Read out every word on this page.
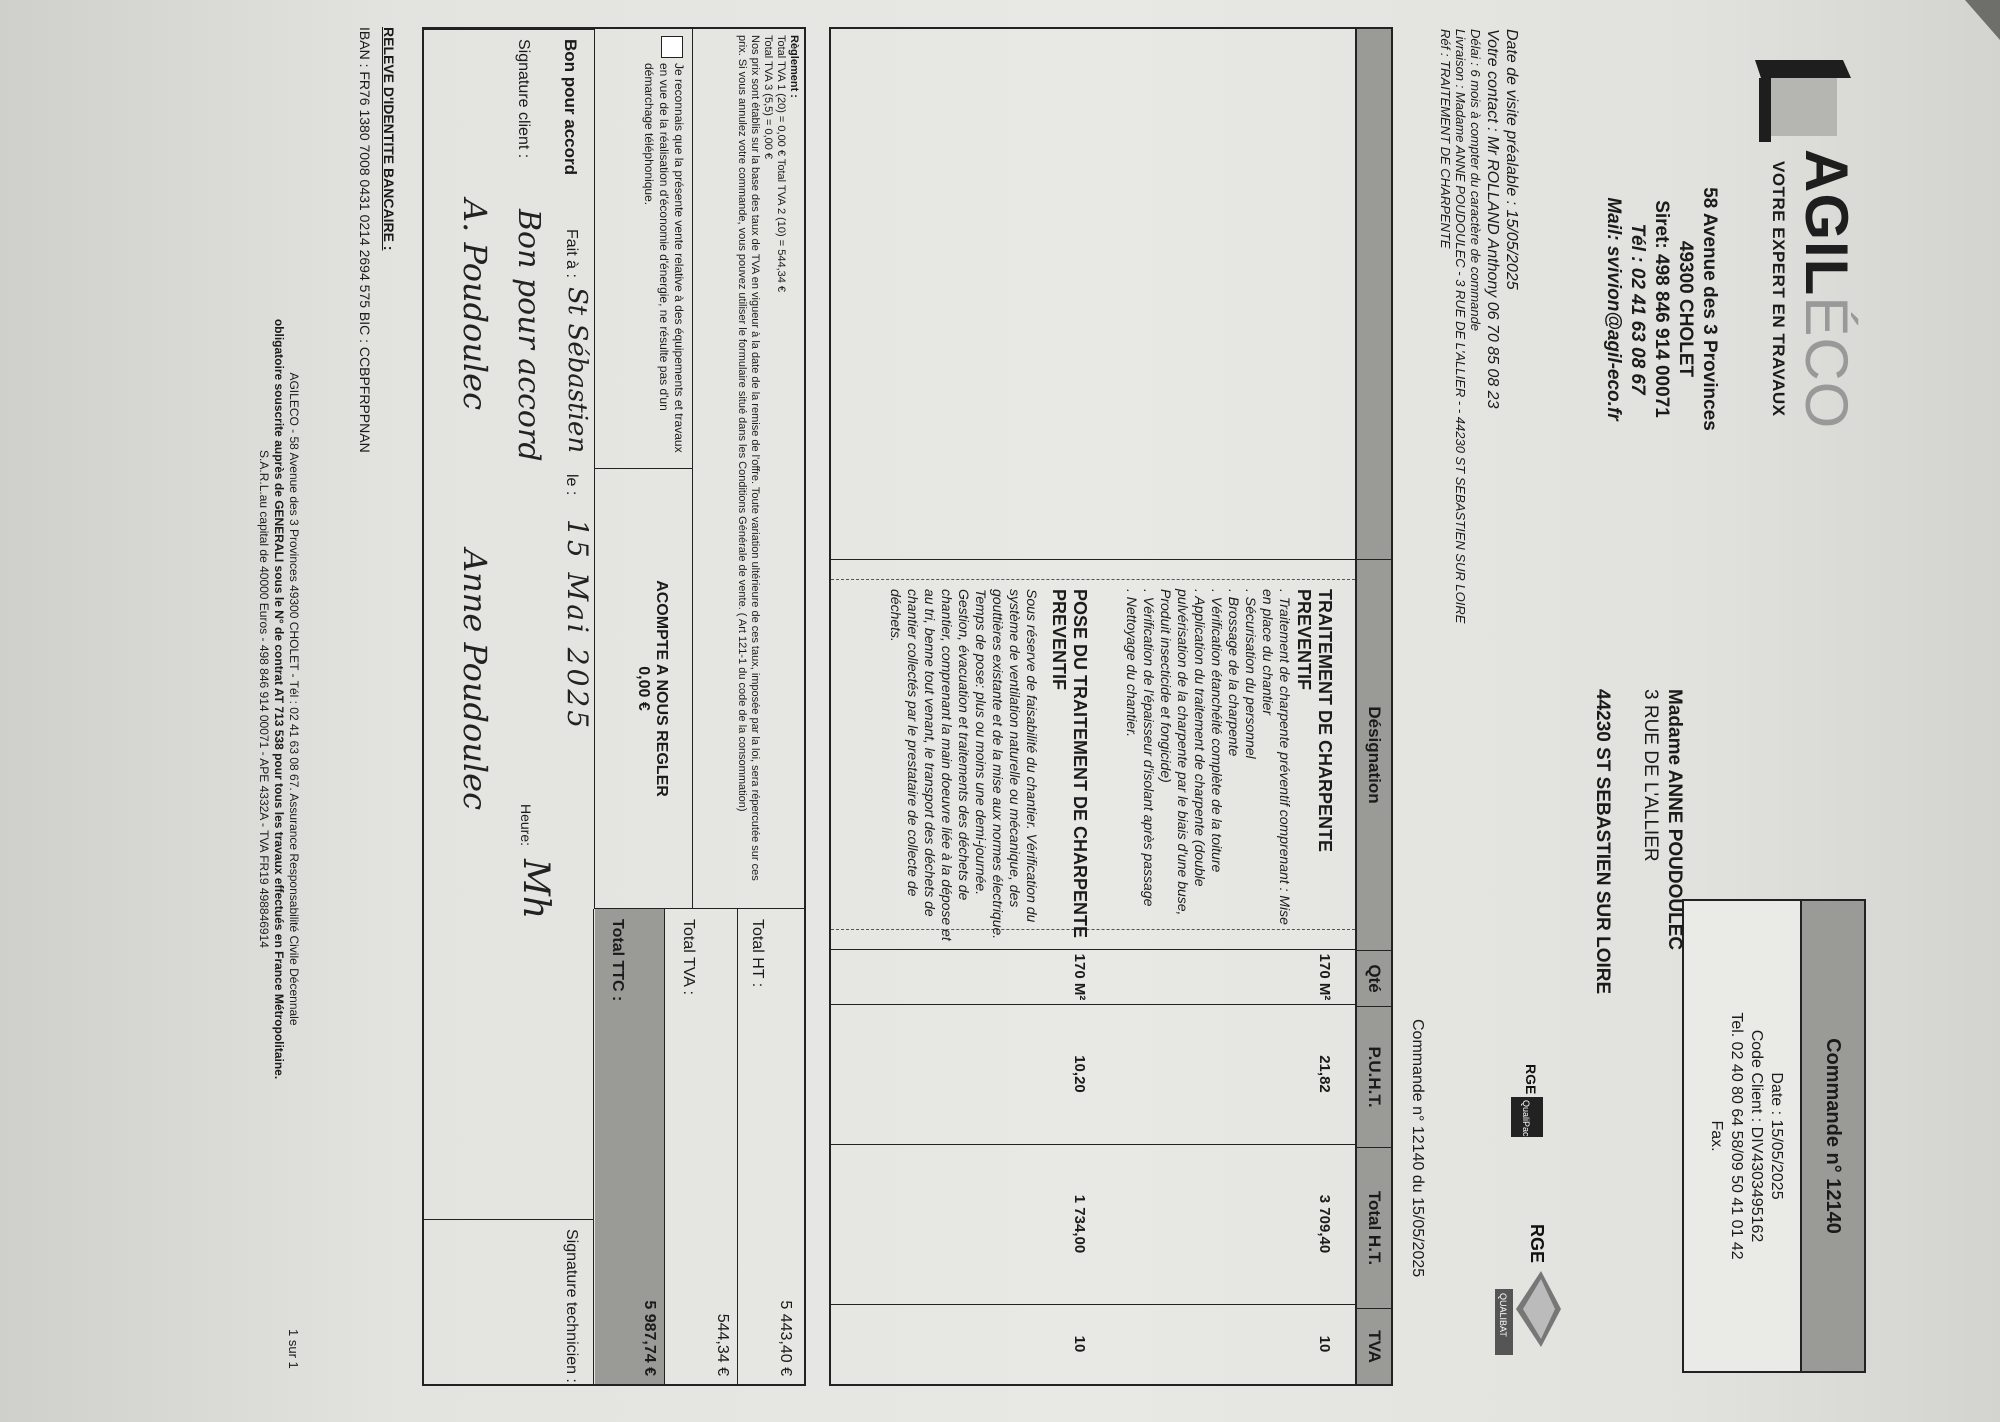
AGILÉCO
VOTRE EXPERT EN TRAVAUX
58 Avenue des 3 Provinces
49300 CHOLET
Siret: 498 846 914 00071
Tél : 02 41 63 08 67
Mail: svivion@agil-eco.fr
Commande n° 12140
Date : 15/05/2025
Code Client : DIV4303495162
Tel. 02 40 80 64 58/09 50 41 01 42
Fax.
Madame ANNE POUDOULEC
3 RUE DE L'ALLIER
44230 ST SEBASTIEN SUR LOIRE
RGE
QualiPac
RGE
QUALIBAT
Commande n° 12140 du 15/05/2025
Date de visite préalable : 15/05/2025
Votre contact : Mr ROLLAND Anthony 06 70 85 08 23
Délai : 6 mois à compter du caractère de commande
Livraison : Madame ANNE POUDOULEC - 3 RUE DE L'ALLIER - - 44230 ST SEBASTIEN SUR LOIRE
Réf : TRAITEMENT DE CHARPENTE
Désignation
Qté
P.U.H.T.
Total H.T.
TVA
TRAITEMENT DE CHARPENTE PREVENTIF
. Traitement de charpente préventif comprenant : Mise en place du chantier
. Sécurisation du personnel
. Brossage de la charpente
. Vérification étanchéité complète de la toiture
. Application du traitement de charpente (double pulvérisation de la charpente par le biais d'une buse, Produit insecticide et fongicide)
. Vérification de l'épaisseur d'isolant après passage
. Nettoyage du chantier.
170 M²
21,82
3 709,40
10
POSE DU TRAITEMENT DE CHARPENTE PREVENTIF
Sous réserve de faisabilité du chantier. Vérification du système de ventilation naturelle ou mécanique, des gouttières existante et de la mise aux normes électrique. Temps de pose: plus ou moins une demi-journée. Gestion, évacuation et traitements des déchets de chantier, comprenant la main doeuvre liée à la dépose et au tri, benne tout venant, le transport des déchets de chantier collectés par le prestataire de collecte de déchets.
170 M²
10,20
1 734,00
10
Règlement :
Total TVA 1 (20) = 0,00 € Total TVA 2 (10) = 544,34 €
Total TVA 3 (5,5) = 0,00 €
Nos prix sont établis sur la base des taux de TVA en vigueur à la date de la remise de l'offre. Toute variation ultérieure de ces taux, imposée par la loi, sera répercutée sur ces prix. Si vous annulez votre commande, vous pouvez utiliser le formulaire situé dans les Conditions Générale de vente. ( Art 121-1 du code de la consommation)
Je reconnais que la présente vente relative à des équipements et travaux en vue de la réalisation d'économie d'énergie, ne résulte pas d'un démarchage téléphonique.
ACOMPTE A NOUS REGLER
0,00 €
Total HT :
5 443,40 €
Total TVA :
544,34 €
Total TTC :
5 987,74 €
Bon pour accord
Fait à :
St Sébastien
le :
15 Mai 2025
Signature client :
Bon pour accord
A. Poudoulec
Anne Poudoulec
Heure:
Mh
Signature technicien :
RELEVE D'IDENTITE BANCAIRE :
IBAN : FR76 1380 7008 0431 0214 2694 575 BIC : CCBPFRPPNAN
AGILECO - 58 Avenue des 3 Provinces 49300 CHOLET - Tél : 02 41 63 08 67. Assurance Responsabilité Civile Décennale
obligatoire souscrite auprès de GENERALI sous le N° de contrat AT 713 538 pour tous les travaux effectués en France Métropolitaine.
S.A.R.L.au capital de 40000 Euros - 498 846 914 00071 - APE 4332A - TVA FR19 498846914
1 sur 1
